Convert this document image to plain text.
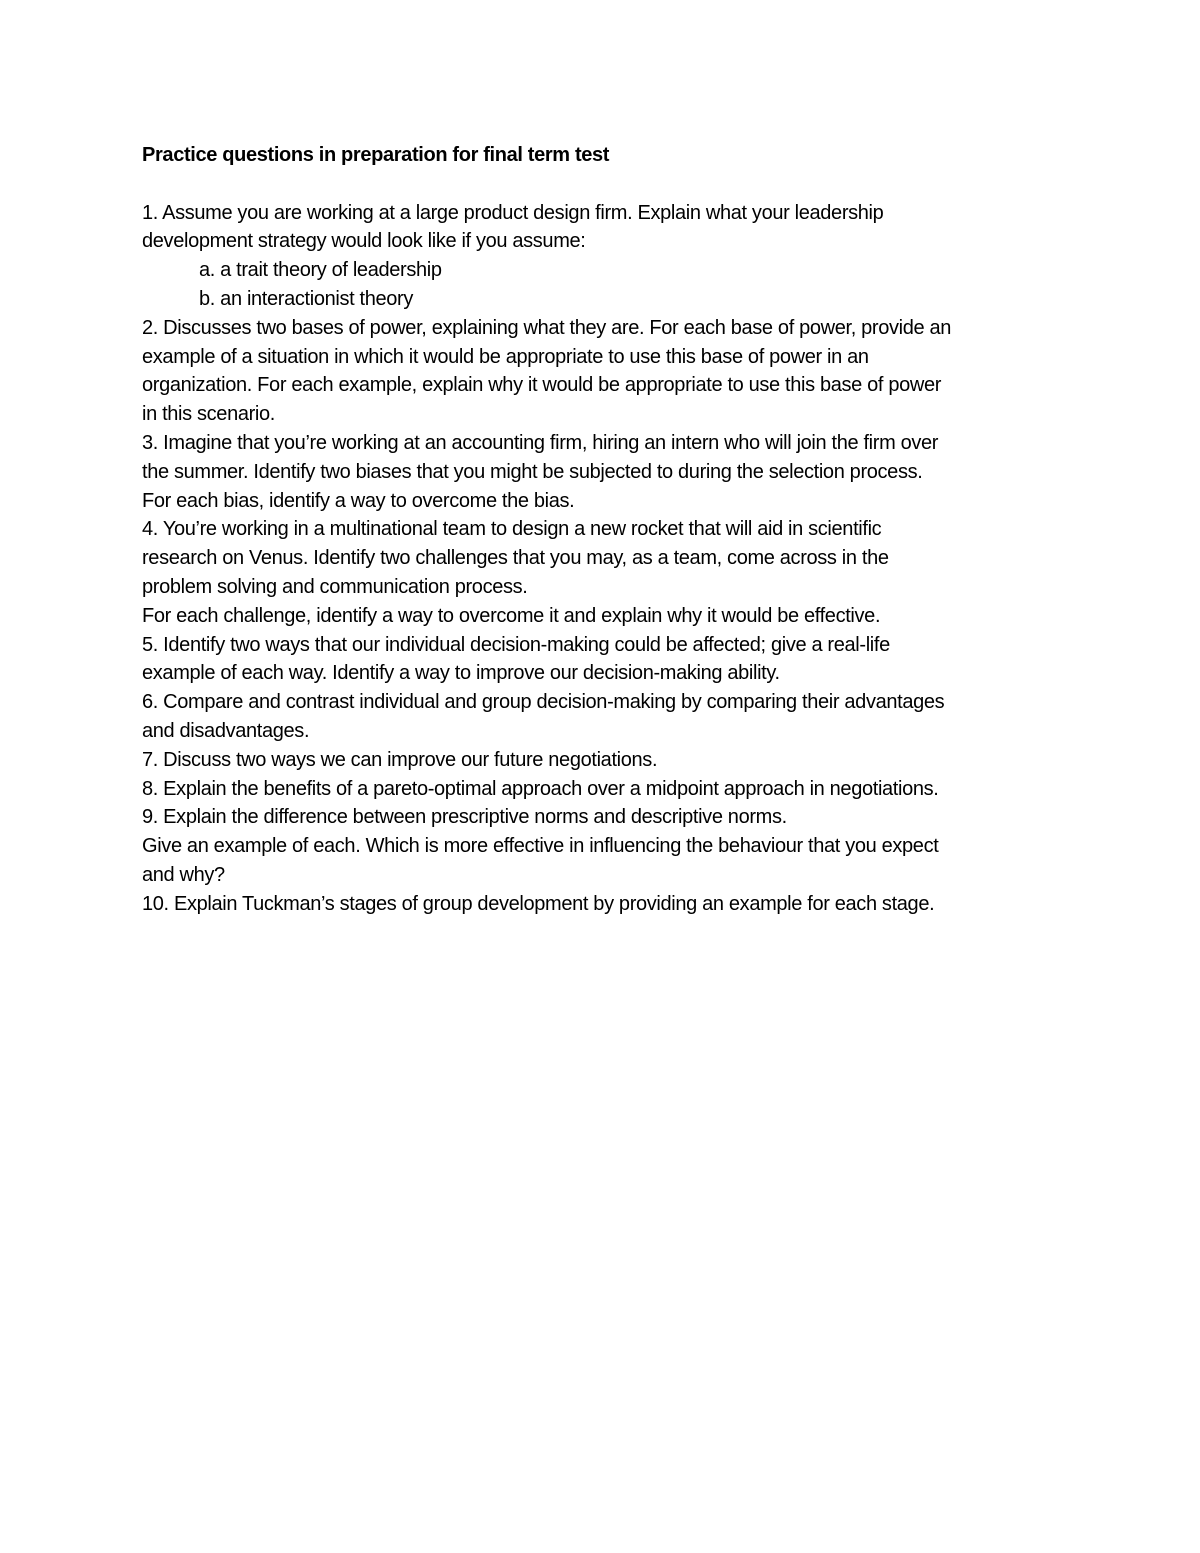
Practice questions in preparation for final term test

1. Assume you are working at a large product design firm. Explain what your leadership

development strategy would look like if you assume:

a. a trait theory of leadership

b. an interactionist theory

2. Discusses two bases of power, explaining what they are. For each base of power, provide an

example of a situation in which it would be appropriate to use this base of power in an

organization. For each example, explain why it would be appropriate to use this base of power

in this scenario.

3. Imagine that you’re working at an accounting firm, hiring an intern who will join the firm over

the summer. Identify two biases that you might be subjected to during the selection process.

For each bias, identify a way to overcome the bias.

4. You’re working in a multinational team to design a new rocket that will aid in scientific

research on Venus. Identify two challenges that you may, as a team, come across in the

problem solving and communication process.

For each challenge, identify a way to overcome it and explain why it would be effective.

5. Identify two ways that our individual decision-making could be affected; give a real-life

example of each way. Identify a way to improve our decision-making ability.

6. Compare and contrast individual and group decision-making by comparing their advantages

and disadvantages.

7. Discuss two ways we can improve our future negotiations.

8. Explain the benefits of a pareto-optimal approach over a midpoint approach in negotiations.

9. Explain the difference between prescriptive norms and descriptive norms.

Give an example of each. Which is more effective in influencing the behaviour that you expect

and why?

10. Explain Tuckman’s stages of group development by providing an example for each stage.
